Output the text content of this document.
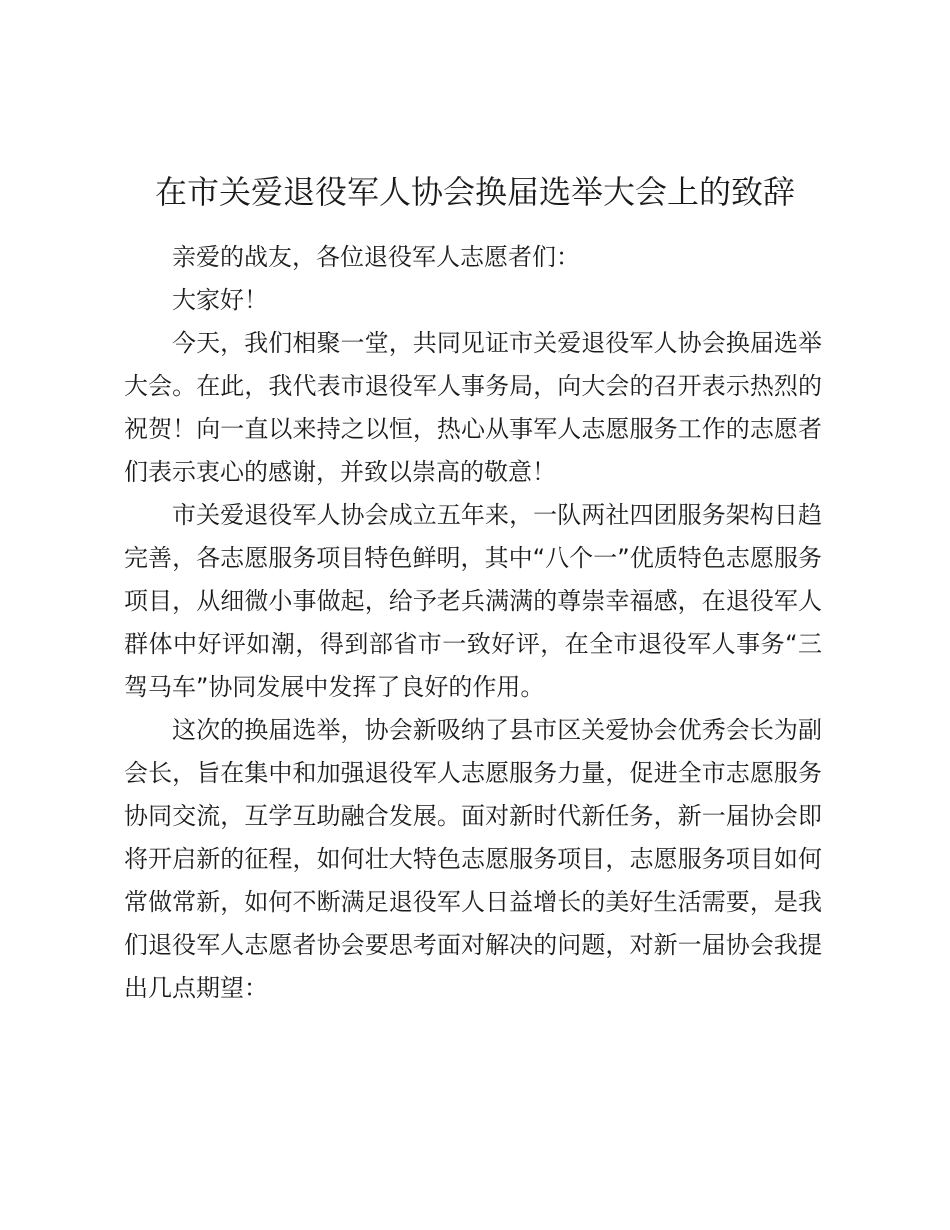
在市关爱退役军人协会换届选举大会上的致辞

亲爱的战友，各位退役军人志愿者们：

大家好！

今天，我们相聚一堂，共同见证市关爱退役军人协会换届选举大会。在此，我代表市退役军人事务局，向大会的召开表示热烈的祝贺！向一直以来持之以恒，热心从事军人志愿服务工作的志愿者们表示衷心的感谢，并致以崇高的敬意！

市关爱退役军人协会成立五年来，一队两社四团服务架构日趋完善，各志愿服务项目特色鲜明，其中“八个一”优质特色志愿服务项目，从细微小事做起，给予老兵满满的尊崇幸福感，在退役军人群体中好评如潮，得到部省市一致好评，在全市退役军人事务“三驾马车”协同发展中发挥了良好的作用。

这次的换届选举，协会新吸纳了县市区关爱协会优秀会长为副会长，旨在集中和加强退役军人志愿服务力量，促进全市志愿服务协同交流，互学互助融合发展。面对新时代新任务，新一届协会即将开启新的征程，如何壮大特色志愿服务项目，志愿服务项目如何常做常新，如何不断满足退役军人日益增长的美好生活需要，是我们退役军人志愿者协会要思考面对解决的问题，对新一届协会我提出几点期望：
